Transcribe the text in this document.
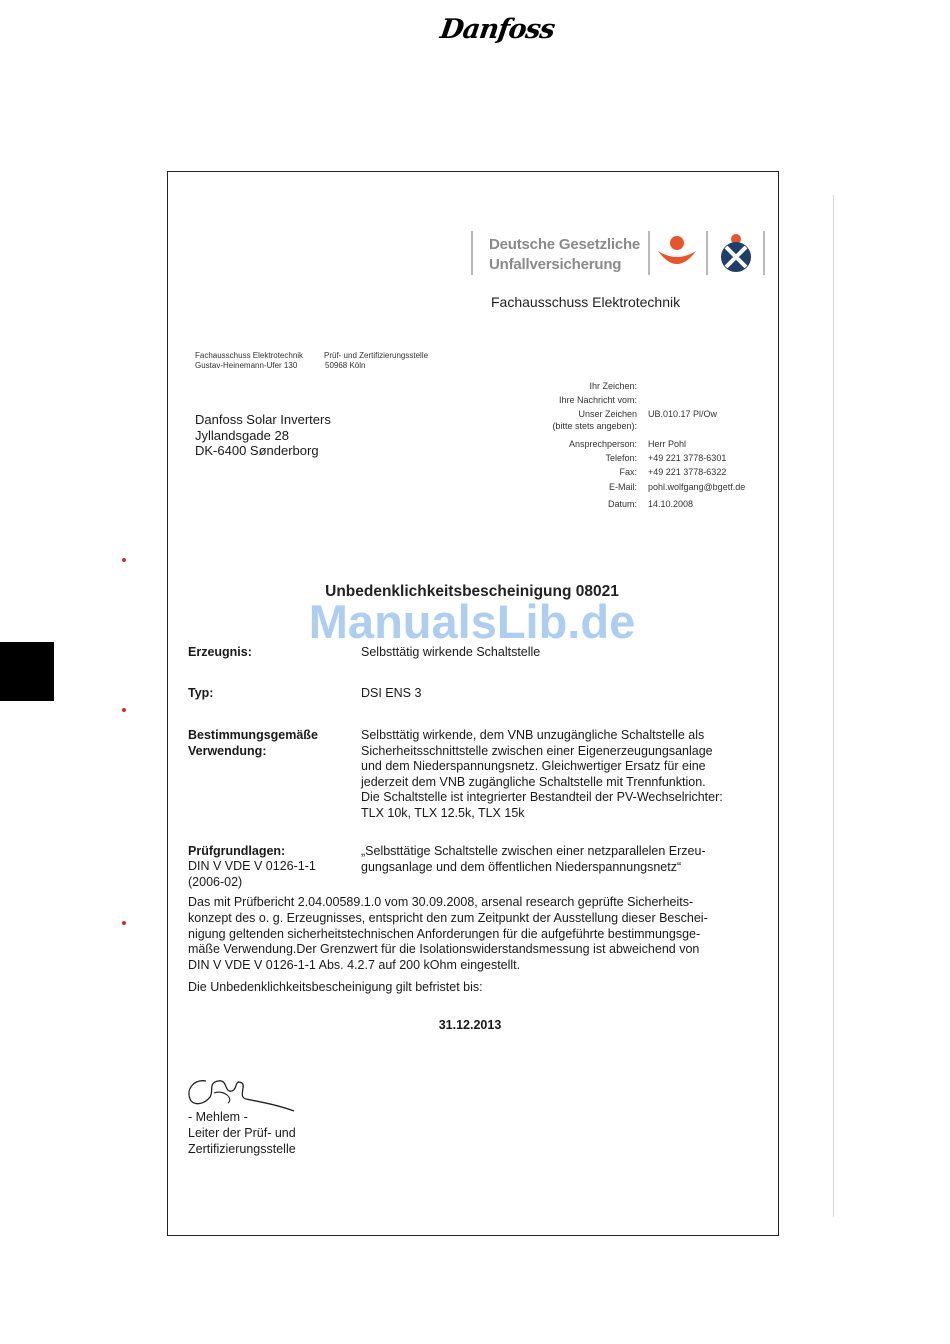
Danfoss
Deutsche Gesetzliche
Unfallversicherung
Fachausschuss Elektrotechnik
Fachausschuss Elektrotechnik
Gustav-Heinemann-Ufer 130
Prüf- und Zertifizierungsstelle
50968 Köln
Danfoss Solar Inverters
Jyllandsgade 28
DK-6400 Sønderborg
Ihr Zeichen:
Ihre Nachricht vom:
Unser Zeichen
(bitte stets angeben):
UB.010.17 Pl/Ow
Ansprechperson: Herr Pohl
Telefon: +49 221 3778-6301
Fax: +49 221 3778-6322
E-Mail: pohl.wolfgang@bgetf.de
Datum: 14.10.2008
Unbedenklichkeitsbescheinigung 08021
ManualsLib.de
Erzeugnis:	Selbsttätig wirkende Schaltstelle
Typ:	DSI ENS 3
Bestimmungsgemäße
Verwendung:
Selbsttätig wirkende, dem VNB unzugängliche Schaltstelle als
Sicherheitsschnittstelle zwischen einer Eigenerzeugungsanlage
und dem Niederspannungsnetz. Gleichwertiger Ersatz für eine
jederzeit dem VNB zugängliche Schaltstelle mit Trennfunktion.
Die Schaltstelle ist integrierter Bestandteil der PV-Wechselrichter:
TLX 10k, TLX 12.5k, TLX 15k
Prüfgrundlagen:
DIN V VDE V 0126-1-1
(2006-02)
„Selbsttätige Schaltstelle zwischen einer netzparallelen Erzeu-
gungsanlage und dem öffentlichen Niederspannungsnetz“
Das mit Prüfbericht 2.04.00589.1.0 vom 30.09.2008, arsenal research geprüfte Sicherheits-
konzept des o. g. Erzeugnisses, entspricht den zum Zeitpunkt der Ausstellung dieser Beschei-
nigung geltenden sicherheitstechnischen Anforderungen für die aufgeführte bestimmungsge-
mäße Verwendung.Der Grenzwert für die Isolationswiderstandsmessung ist abweichend von
DIN V VDE V 0126-1-1 Abs. 4.2.7 auf 200 kOhm eingestellt.
Die Unbedenklichkeitsbescheinigung gilt befristet bis:
31.12.2013
- Mehlem -
Leiter der Prüf- und
Zertifizierungsstelle
